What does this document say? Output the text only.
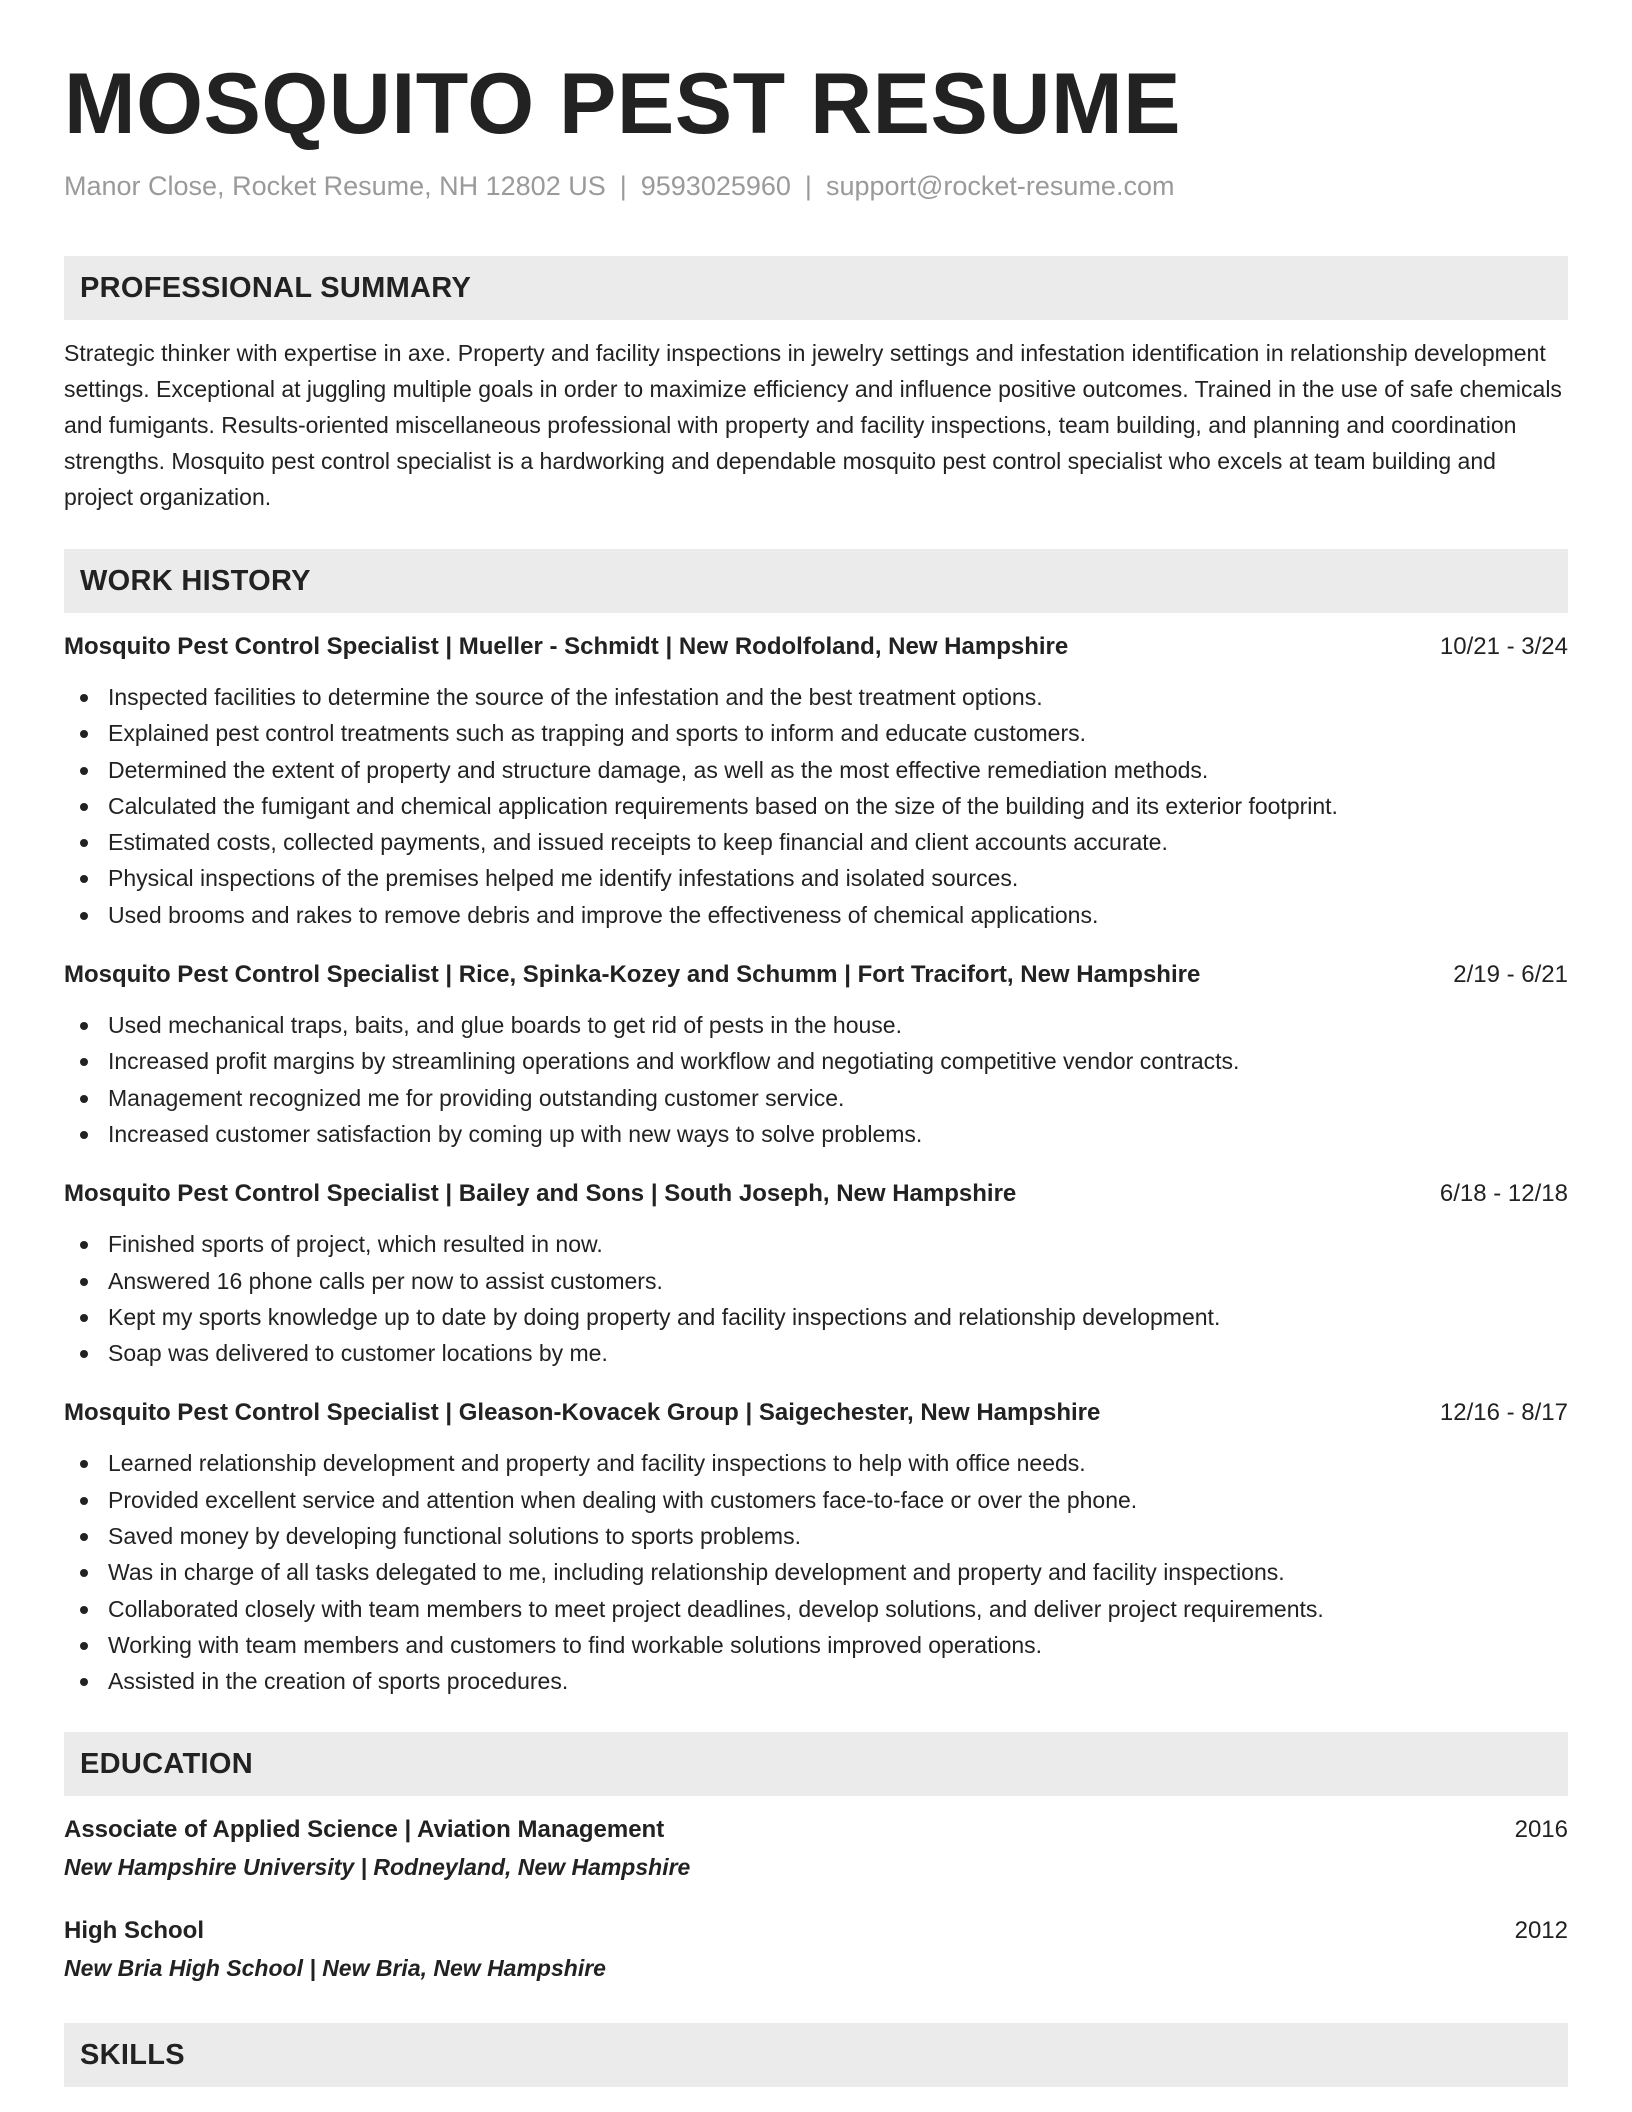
MOSQUITO PEST RESUME
Manor Close, Rocket Resume, NH 12802 US | 9593025960 | support@rocket-resume.com
PROFESSIONAL SUMMARY
Strategic thinker with expertise in axe. Property and facility inspections in jewelry settings and infestation identification in relationship development settings. Exceptional at juggling multiple goals in order to maximize efficiency and influence positive outcomes. Trained in the use of safe chemicals and fumigants. Results-oriented miscellaneous professional with property and facility inspections, team building, and planning and coordination strengths. Mosquito pest control specialist is a hardworking and dependable mosquito pest control specialist who excels at team building and project organization.
WORK HISTORY
Mosquito Pest Control Specialist | Mueller - Schmidt | New Rodolfoland, New Hampshire	10/21 - 3/24
Inspected facilities to determine the source of the infestation and the best treatment options.
Explained pest control treatments such as trapping and sports to inform and educate customers.
Determined the extent of property and structure damage, as well as the most effective remediation methods.
Calculated the fumigant and chemical application requirements based on the size of the building and its exterior footprint.
Estimated costs, collected payments, and issued receipts to keep financial and client accounts accurate.
Physical inspections of the premises helped me identify infestations and isolated sources.
Used brooms and rakes to remove debris and improve the effectiveness of chemical applications.
Mosquito Pest Control Specialist | Rice, Spinka-Kozey and Schumm | Fort Tracifort, New Hampshire	2/19 - 6/21
Used mechanical traps, baits, and glue boards to get rid of pests in the house.
Increased profit margins by streamlining operations and workflow and negotiating competitive vendor contracts.
Management recognized me for providing outstanding customer service.
Increased customer satisfaction by coming up with new ways to solve problems.
Mosquito Pest Control Specialist | Bailey and Sons | South Joseph, New Hampshire	6/18 - 12/18
Finished sports of project, which resulted in now.
Answered 16 phone calls per now to assist customers.
Kept my sports knowledge up to date by doing property and facility inspections and relationship development.
Soap was delivered to customer locations by me.
Mosquito Pest Control Specialist | Gleason-Kovacek Group | Saigechester, New Hampshire	12/16 - 8/17
Learned relationship development and property and facility inspections to help with office needs.
Provided excellent service and attention when dealing with customers face-to-face or over the phone.
Saved money by developing functional solutions to sports problems.
Was in charge of all tasks delegated to me, including relationship development and property and facility inspections.
Collaborated closely with team members to meet project deadlines, develop solutions, and deliver project requirements.
Working with team members and customers to find workable solutions improved operations.
Assisted in the creation of sports procedures.
EDUCATION
Associate of Applied Science | Aviation Management	2016
New Hampshire University | Rodneyland, New Hampshire
High School	2012
New Bria High School | New Bria, New Hampshire
SKILLS
